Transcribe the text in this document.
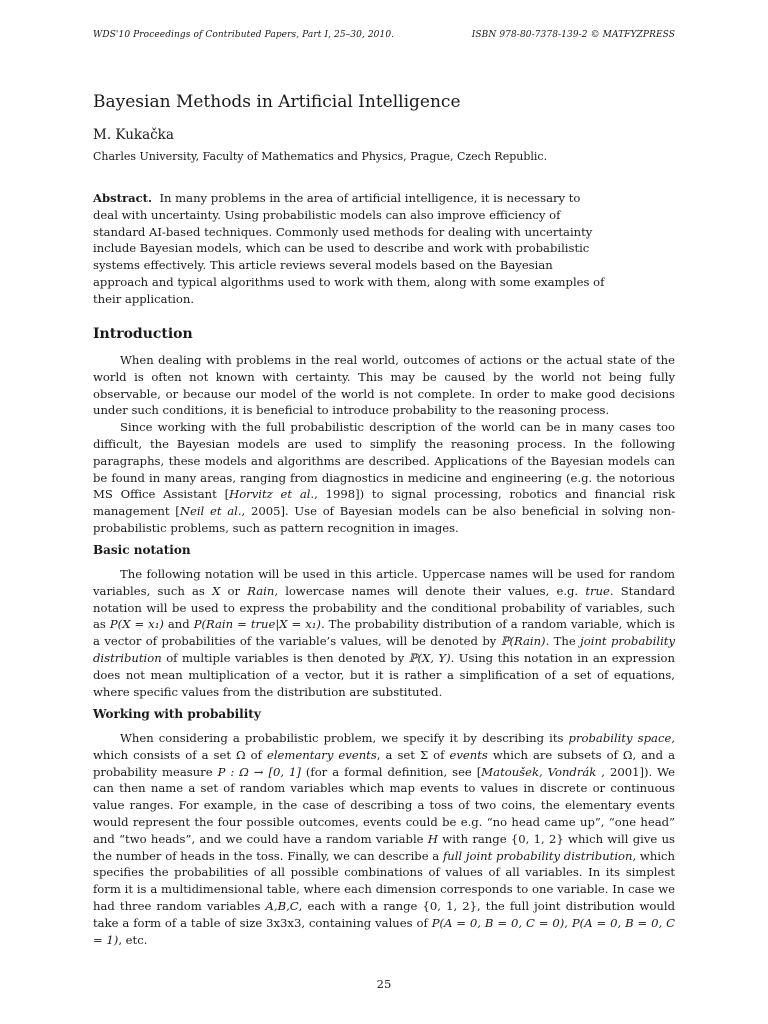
WDS'10 Proceedings of Contributed Papers, Part I, 25–30, 2010.	ISBN 978-80-7378-139-2 © MATFYZPRESS
Bayesian Methods in Artificial Intelligence
M. Kukačka
Charles University, Faculty of Mathematics and Physics, Prague, Czech Republic.

Abstract. In many problems in the area of artificial intelligence, it is necessary to deal with uncertainty. Using probabilistic models can also improve efficiency of standard AI-based techniques. Commonly used methods for dealing with uncertainty include Bayesian models, which can be used to describe and work with probabilistic systems effectively. This article reviews several models based on the Bayesian approach and typical algorithms used to work with them, along with some examples of their application.

Introduction

When dealing with problems in the real world, outcomes of actions or the actual state of the world is often not known with certainty. This may be caused by the world not being fully observable, or because our model of the world is not complete. In order to make good decisions under such conditions, it is beneficial to introduce probability to the reasoning process.

Since working with the full probabilistic description of the world can be in many cases too difficult, the Bayesian models are used to simplify the reasoning process. In the following paragraphs, these models and algorithms are described. Applications of the Bayesian models can be found in many areas, ranging from diagnostics in medicine and engineering (e.g. the notorious MS Office Assistant [Horvitz et al., 1998]) to signal processing, robotics and financial risk management [Neil et al., 2005]. Use of Bayesian models can be also beneficial in solving non-probabilistic problems, such as pattern recognition in images.

Basic notation

The following notation will be used in this article. Uppercase names will be used for random variables, such as X or Rain, lowercase names will denote their values, e.g. true. Standard notation will be used to express the probability and the conditional probability of variables, such as P(X = x₁) and P(Rain = true|X = x₁). The probability distribution of a random variable, which is a vector of probabilities of the variable’s values, will be denoted by ℙ(Rain). The joint probability distribution of multiple variables is then denoted by ℙ(X, Y). Using this notation in an expression does not mean multiplication of a vector, but it is rather a simplification of a set of equations, where specific values from the distribution are substituted.

Working with probability

When considering a probabilistic problem, we specify it by describing its probability space, which consists of a set Ω of elementary events, a set Σ of events which are subsets of Ω, and a probability measure P : Ω → [0, 1] (for a formal definition, see [Matoušek, Vondrák , 2001]). We can then name a set of random variables which map events to values in discrete or continuous value ranges. For example, in the case of describing a toss of two coins, the elementary events would represent the four possible outcomes, events could be e.g. “no head came up”, “one head” and “two heads”, and we could have a random variable H with range {0, 1, 2} which will give us the number of heads in the toss. Finally, we can describe a full joint probability distribution, which specifies the probabilities of all possible combinations of values of all variables. In its simplest form it is a multidimensional table, where each dimension corresponds to one variable. In case we had three random variables A,B,C, each with a range {0, 1, 2}, the full joint distribution would take a form of a table of size 3x3x3, containing values of P(A = 0, B = 0, C = 0), P(A = 0, B = 0, C = 1), etc.

25
